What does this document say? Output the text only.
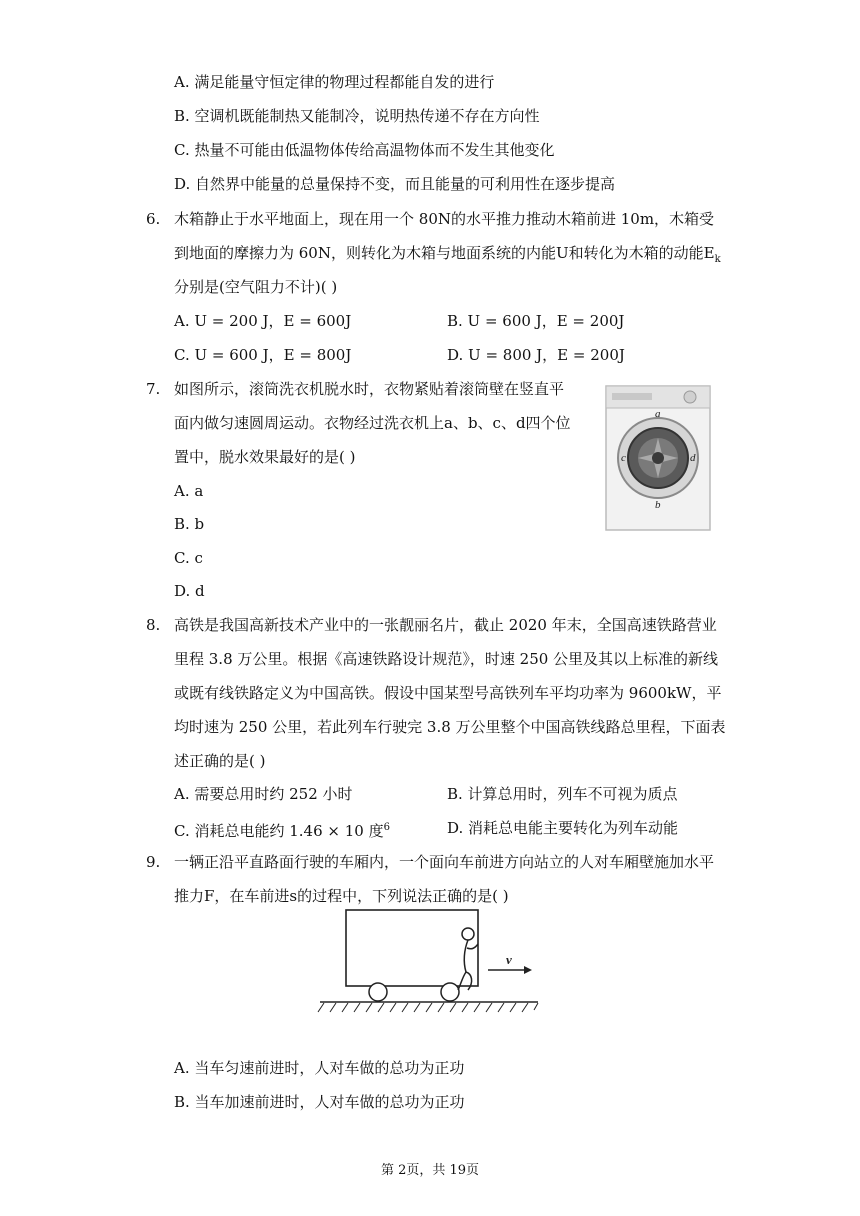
A. 满足能量守恒定律的物理过程都能自发的进行
B. 空调机既能制热又能制冷，说明热传递不存在方向性
C. 热量不可能由低温物体传给高温物体而不发生其他变化
D. 自然界中能量的总量保持不变，而且能量的可利用性在逐步提高
6. 木箱静止于水平地面上，现在用一个 80N的水平推力推动木箱前进 10m，木箱受
到地面的摩擦力为 60N，则转化为木箱与地面系统的内能U和转化为木箱的动能$E_k$
分别是(空气阻力不计)( )
A. U = 200 J，E = 600J	B. U = 600 J，E = 200J
C. U = 600 J，E = 800J	D. U = 800 J，E = 200J
7. 如图所示，滚筒洗衣机脱水时，衣物紧贴着滚筒壁在竖直平
面内做匀速圆周运动。衣物经过洗衣机上a、b、c、d四个位
置中，脱水效果最好的是( )
A. a
B. b
C. c
D. d
a
b
c	d
8. 高铁是我国高新技术产业中的一张靓丽名片，截止 2020 年末，全国高速铁路营业
里程 3.8 万公里。根据《高速铁路设计规范》，时速 250 公里及其以上标准的新线
或既有线铁路定义为中国高铁。假设中国某型号高铁列车平均功率为 9600kW，平
均时速为 250 公里，若此列车行驶完 3.8 万公里整个中国高铁线路总里程，下面表
述正确的是( )
A. 需要总用时约 252 小时	B. 计算总用时，列车不可视为质点
C. 消耗总电能约 1.46 × 10 度$^6$	D. 消耗总电能主要转化为列车动能
9. 一辆正沿平直路面行驶的车厢内，一个面向车前进方向站立的人对车厢壁施加水平
推力F，在车前进s的过程中，下列说法正确的是( )
v
A. 当车匀速前进时，人对车做的总功为正功
B. 当车加速前进时，人对车做的总功为正功
第 2页，共 19页
